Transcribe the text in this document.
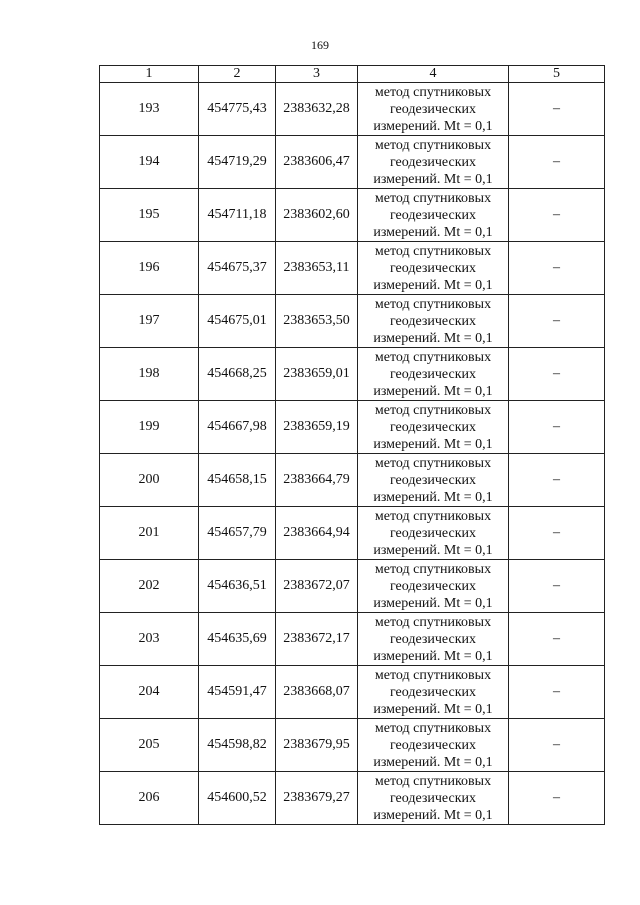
169
1	2	3	4	5
193	454775,43	2383632,28	метод спутниковых
геодезических
измерений. Mt = 0,1	–
194	454719,29	2383606,47	метод спутниковых
геодезических
измерений. Mt = 0,1	–
195	454711,18	2383602,60	метод спутниковых
геодезических
измерений. Mt = 0,1	–
196	454675,37	2383653,11	метод спутниковых
геодезических
измерений. Mt = 0,1	–
197	454675,01	2383653,50	метод спутниковых
геодезических
измерений. Mt = 0,1	–
198	454668,25	2383659,01	метод спутниковых
геодезических
измерений. Mt = 0,1	–
199	454667,98	2383659,19	метод спутниковых
геодезических
измерений. Mt = 0,1	–
200	454658,15	2383664,79	метод спутниковых
геодезических
измерений. Mt = 0,1	–
201	454657,79	2383664,94	метод спутниковых
геодезических
измерений. Mt = 0,1	–
202	454636,51	2383672,07	метод спутниковых
геодезических
измерений. Mt = 0,1	–
203	454635,69	2383672,17	метод спутниковых
геодезических
измерений. Mt = 0,1	–
204	454591,47	2383668,07	метод спутниковых
геодезических
измерений. Mt = 0,1	–
205	454598,82	2383679,95	метод спутниковых
геодезических
измерений. Mt = 0,1	–
206	454600,52	2383679,27	метод спутниковых
геодезических
измерений. Mt = 0,1	–
